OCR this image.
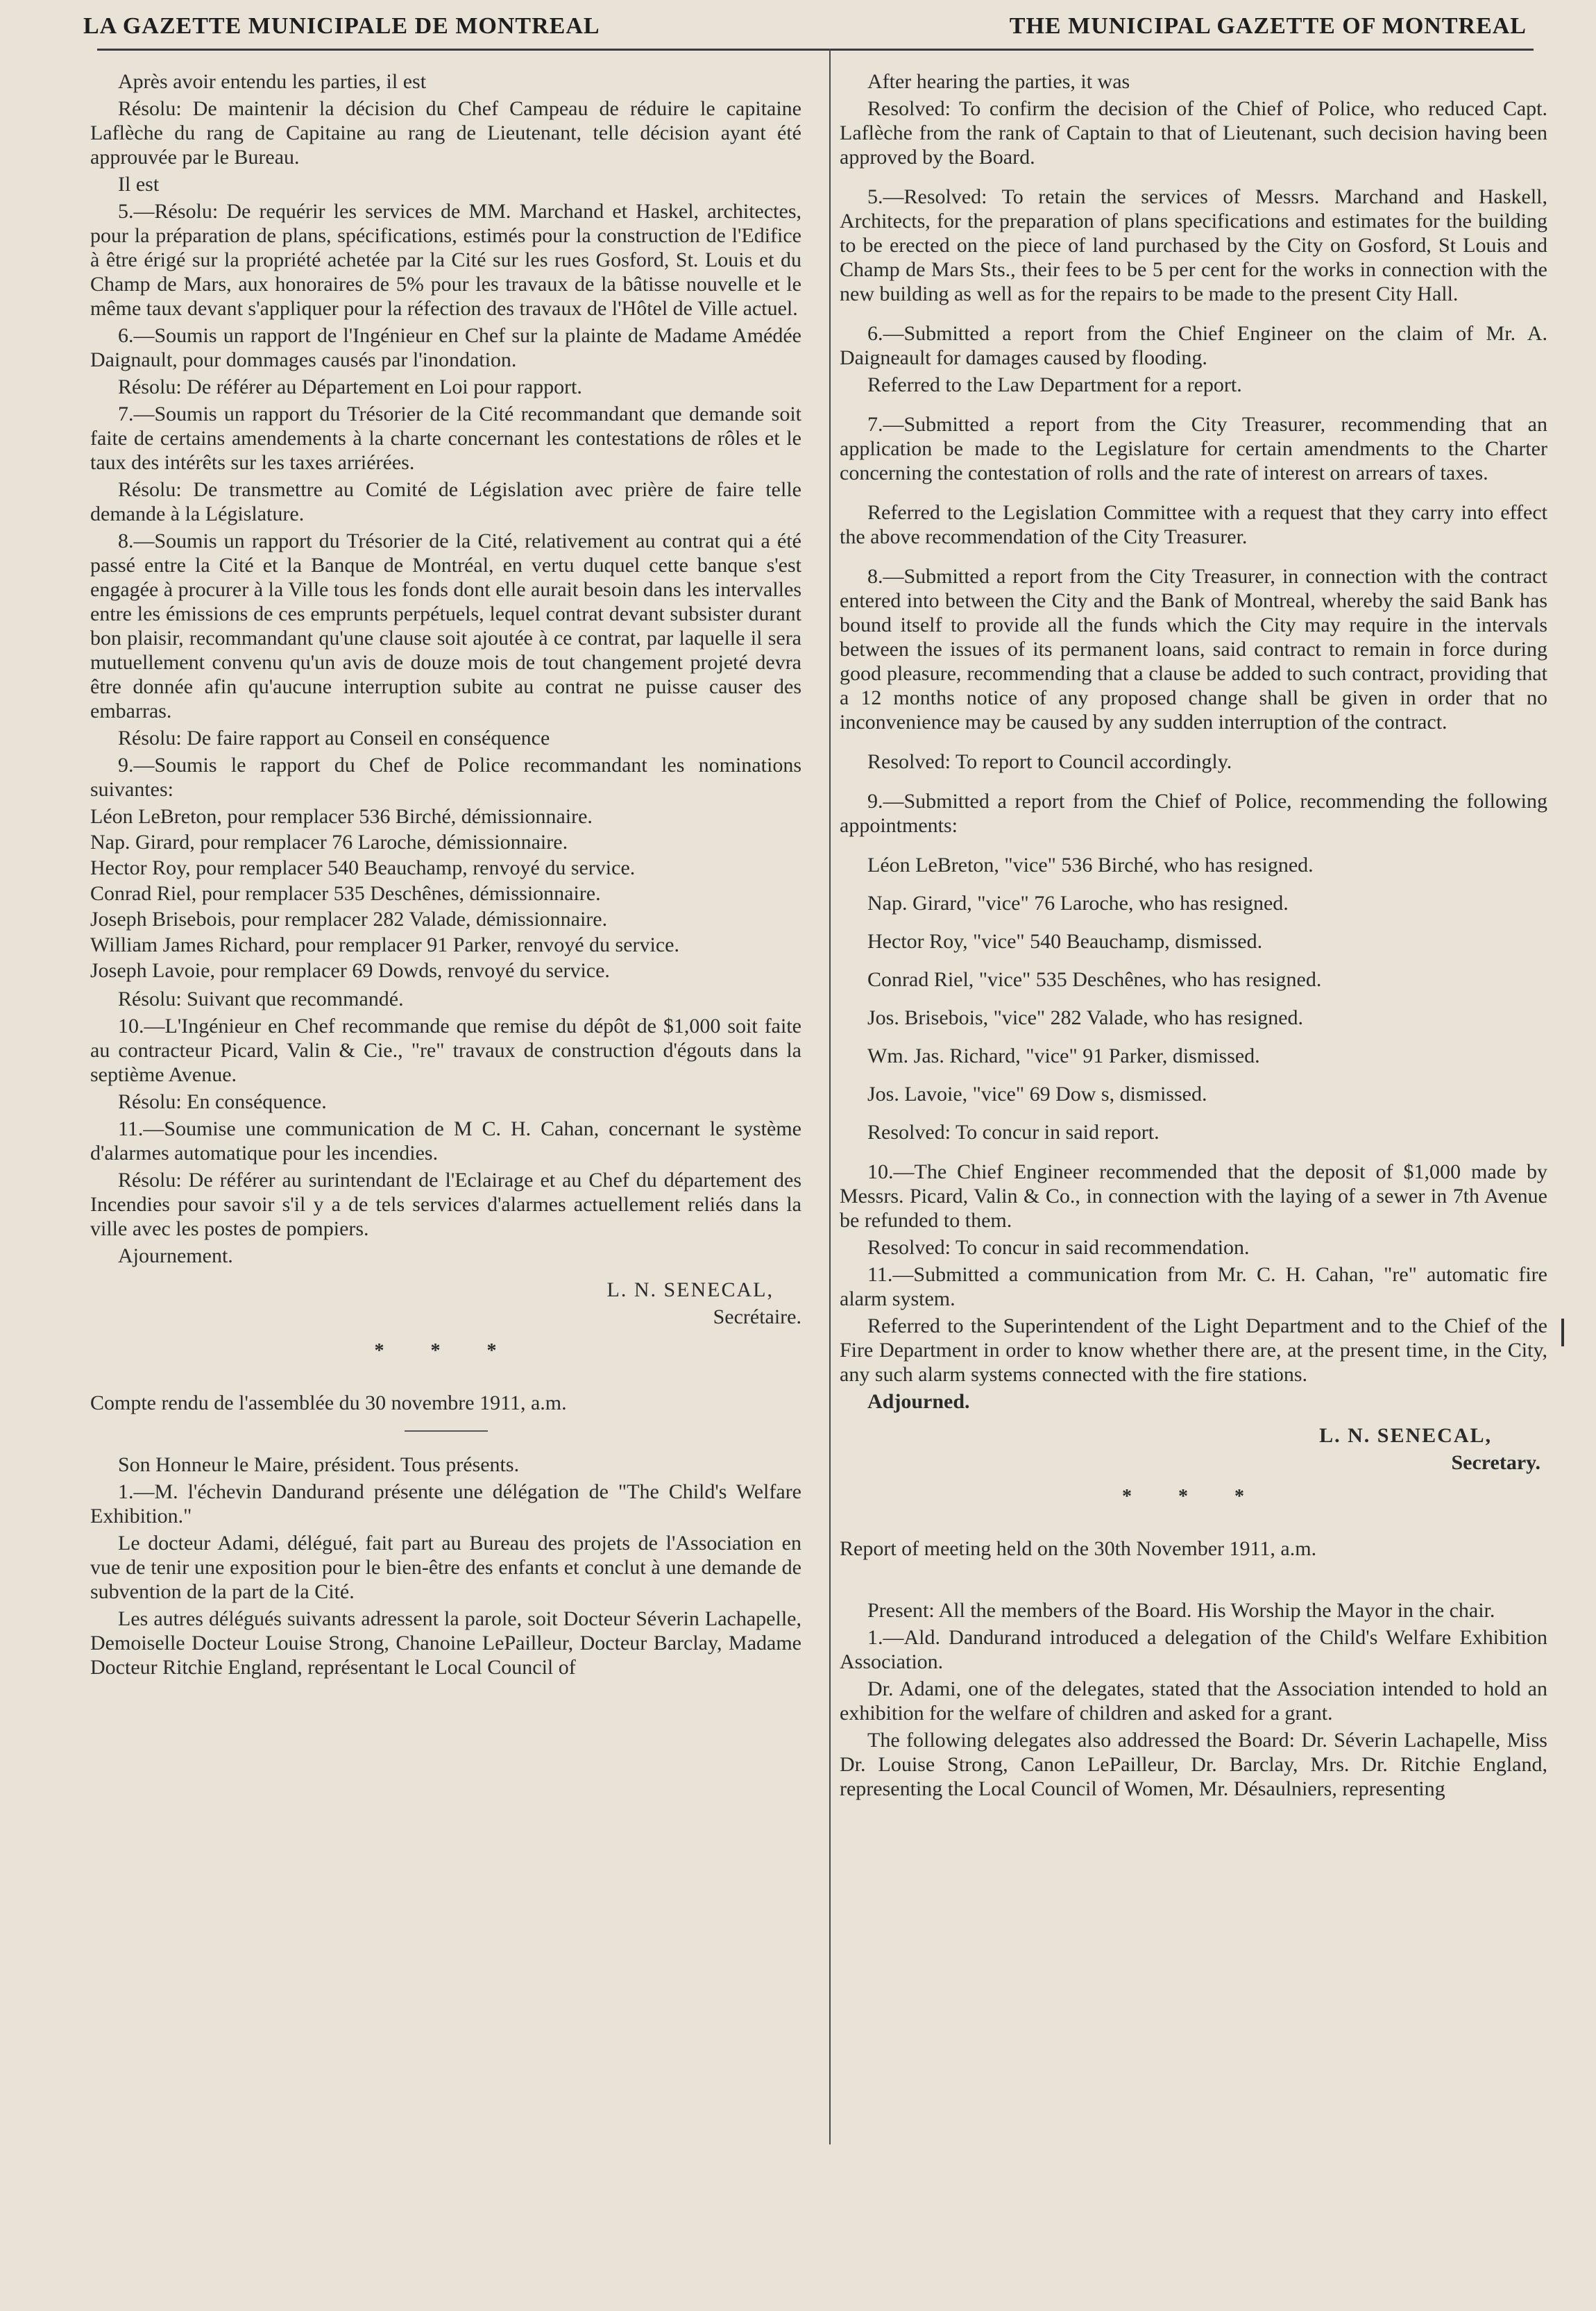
LA GAZETTE MUNICIPALE DE MONTREAL	THE MUNICIPAL GAZETTE OF MONTREAL

Après avoir entendu les parties, il est

Résolu: De maintenir la décision du Chef Campeau de réduire le capitaine Laflèche du rang de Capitaine au rang de Lieutenant, telle décision ayant été approuvée par le Bureau.

Il est

5.—Résolu: De requérir les services de MM. Marchand et Haskel, architectes, pour la préparation de plans, spécifications, estimés pour la construction de l'Edifice à être érigé sur la propriété achetée par la Cité sur les rues Gosford, St. Louis et du Champ de Mars, aux honoraires de 5% pour les travaux de la bâtisse nouvelle et le même taux devant s'appliquer pour la réfection des travaux de l'Hôtel de Ville actuel.

6.—Soumis un rapport de l'Ingénieur en Chef sur la plainte de Madame Amédée Daignault, pour dommages causés par l'inondation.

Résolu: De référer au Département en Loi pour rapport.

7.—Soumis un rapport du Trésorier de la Cité recommandant que demande soit faite de certains amendements à la charte concernant les contestations de rôles et le taux des intérêts sur les taxes arriérées.

Résolu: De transmettre au Comité de Législation avec prière de faire telle demande à la Législature.

8.—Soumis un rapport du Trésorier de la Cité, relativement au contrat qui a été passé entre la Cité et la Banque de Montréal, en vertu duquel cette banque s'est engagée à procurer à la Ville tous les fonds dont elle aurait besoin dans les intervalles entre les émissions de ces emprunts perpétuels, lequel contrat devant subsister durant bon plaisir, recommandant qu'une clause soit ajoutée à ce contrat, par laquelle il sera mutuellement convenu qu'un avis de douze mois de tout changement projeté devra être donnée afin qu'aucune interruption subite au contrat ne puisse causer des embarras.

Résolu: De faire rapport au Conseil en conséquence

9.—Soumis le rapport du Chef de Police recommandant les nominations suivantes:

Léon LeBreton, pour remplacer 536 Birché, démissionnaire.
Nap. Girard, pour remplacer 76 Laroche, démissionnaire.
Hector Roy, pour remplacer 540 Beauchamp, renvoyé du service.
Conrad Riel, pour remplacer 535 Deschênes, démissionnaire.
Joseph Brisebois, pour remplacer 282 Valade, démissionnaire.
William James Richard, pour remplacer 91 Parker, renvoyé du service.
Joseph Lavoie, pour remplacer 69 Dowds, renvoyé du service.

Résolu: Suivant que recommandé.

10.—L'Ingénieur en Chef recommande que remise du dépôt de $1,000 soit faite au contracteur Picard, Valin & Cie., "re" travaux de construction d'égouts dans la septième Avenue.

Résolu: En conséquence.

11.—Soumise une communication de M C. H. Cahan, concernant le système d'alarmes automatique pour les incendies.

Résolu: De référer au surintendant de l'Eclairage et au Chef du département des Incendies pour savoir s'il y a de tels services d'alarmes actuellement reliés dans la ville avec les postes de pompiers.

Ajournement.

L. N. SENECAL,
Secrétaire.
* * *

Compte rendu de l'assemblée du 30 novembre 1911, a.m.

Son Honneur le Maire, président. Tous présents.

1.—M. l'échevin Dandurand présente une délégation de "The Child's Welfare Exhibition."

Le docteur Adami, délégué, fait part au Bureau des projets de l'Association en vue de tenir une exposition pour le bien-être des enfants et conclut à une demande de subvention de la part de la Cité.

Les autres délégués suivants adressent la parole, soit Docteur Séverin Lachapelle, Demoiselle Docteur Louise Strong, Chanoine LePailleur, Docteur Barclay, Madame Docteur Ritchie England, représentant le Local Council of

After hearing the parties, it was

Resolved: To confirm the decision of the Chief of Police, who reduced Capt. Laflèche from the rank of Captain to that of Lieutenant, such decision having been approved by the Board.

5.—Resolved: To retain the services of Messrs. Marchand and Haskell, Architects, for the preparation of plans specifications and estimates for the building to be erected on the piece of land purchased by the City on Gosford, St Louis and Champ de Mars Sts., their fees to be 5 per cent for the works in connection with the new building as well as for the repairs to be made to the present City Hall.

6.—Submitted a report from the Chief Engineer on the claim of Mr. A. Daigneault for damages caused by flooding.

Referred to the Law Department for a report.

7.—Submitted a report from the City Treasurer, recommending that an application be made to the Legislature for certain amendments to the Charter concerning the contestation of rolls and the rate of interest on arrears of taxes.

Referred to the Legislation Committee with a request that they carry into effect the above recommendation of the City Treasurer.

8.—Submitted a report from the City Treasurer, in connection with the contract entered into between the City and the Bank of Montreal, whereby the said Bank has bound itself to provide all the funds which the City may require in the intervals between the issues of its permanent loans, said contract to remain in force during good pleasure, recommending that a clause be added to such contract, providing that a 12 months notice of any proposed change shall be given in order that no inconvenience may be caused by any sudden interruption of the contract.

Resolved: To report to Council accordingly.

9.—Submitted a report from the Chief of Police, recommending the following appointments:

Léon LeBreton, "vice" 536 Birché, who has resigned.
Nap. Girard, "vice" 76 Laroche, who has resigned.
Hector Roy, "vice" 540 Beauchamp, dismissed.
Conrad Riel, "vice" 535 Deschênes, who has resigned.
Jos. Brisebois, "vice" 282 Valade, who has resigned.
Wm. Jas. Richard, "vice" 91 Parker, dismissed.
Jos. Lavoie, "vice" 69 Dow s, dismissed.

Resolved: To concur in said report.

10.—The Chief Engineer recommended that the deposit of $1,000 made by Messrs. Picard, Valin & Co., in connection with the laying of a sewer in 7th Avenue be refunded to them.

Resolved: To concur in said recommendation.

11.—Submitted a communication from Mr. C. H. Cahan, "re" automatic fire alarm system.

Referred to the Superintendent of the Light Department and to the Chief of the Fire Department in order to know whether there are, at the present time, in the City, any such alarm systems connected with the fire stations.

Adjourned.

L. N. SENECAL,
Secretary.
* * *

Report of meeting held on the 30th November 1911, a.m.

Present: All the members of the Board. His Worship the Mayor in the chair.

1.—Ald. Dandurand introduced a delegation of the Child's Welfare Exhibition Association.

Dr. Adami, one of the delegates, stated that the Association intended to hold an exhibition for the welfare of children and asked for a grant.

The following delegates also addressed the Board: Dr. Séverin Lachapelle, Miss Dr. Louise Strong, Canon LePailleur, Dr. Barclay, Mrs. Dr. Ritchie England, representing the Local Council of Women, Mr. Désaulniers, representing
